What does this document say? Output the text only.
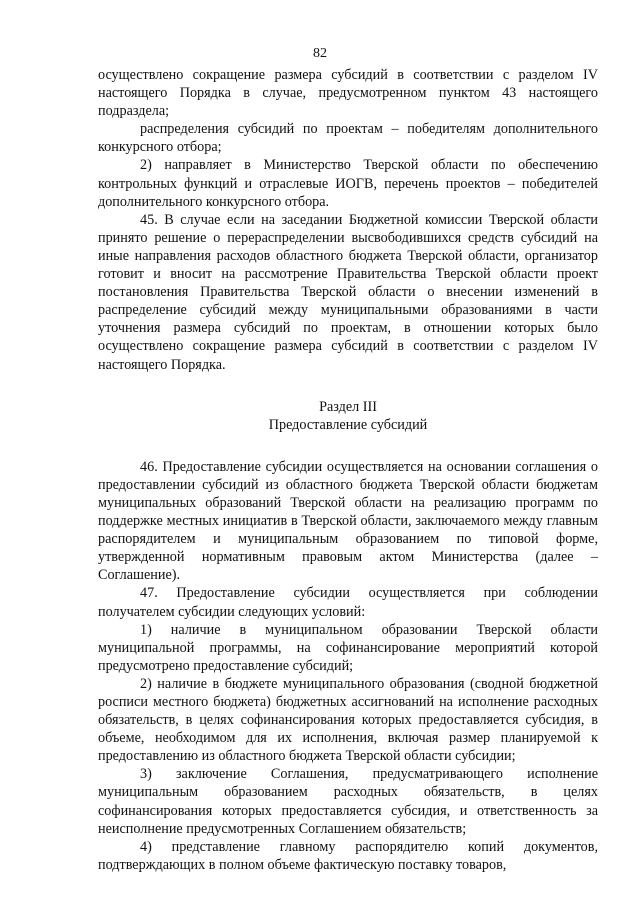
82

осуществлено сокращение размера субсидий в соответствии с разделом IV настоящего Порядка в случае, предусмотренном пунктом 43 настоящего подраздела;

распределения субсидий по проектам – победителям дополнительного конкурсного отбора;

2) направляет в Министерство Тверской области по обеспечению контрольных функций и отраслевые ИОГВ, перечень проектов – победителей дополнительного конкурсного отбора.

45. В случае если на заседании Бюджетной комиссии Тверской области принято решение о перераспределении высвободившихся средств субсидий на иные направления расходов областного бюджета Тверской области, организатор готовит и вносит на рассмотрение Правительства Тверской области проект постановления Правительства Тверской области о внесении изменений в распределение субсидий между муниципальными образованиями в части уточнения размера субсидий по проектам, в отношении которых было осуществлено сокращение размера субсидий в соответствии с разделом IV настоящего Порядка.

Раздел III
Предоставление субсидий

46. Предоставление субсидии осуществляется на основании соглашения о предоставлении субсидий из областного бюджета Тверской области бюджетам муниципальных образований Тверской области на реализацию программ по поддержке местных инициатив в Тверской области, заключаемого между главным распорядителем и муниципальным образованием по типовой форме, утвержденной нормативным правовым актом Министерства (далее – Соглашение).

47. Предоставление субсидии осуществляется при соблюдении получателем субсидии следующих условий:

1) наличие в муниципальном образовании Тверской области муниципальной программы, на софинансирование мероприятий которой предусмотрено предоставление субсидий;

2) наличие в бюджете муниципального образования (сводной бюджетной росписи местного бюджета) бюджетных ассигнований на исполнение расходных обязательств, в целях софинансирования которых предоставляется субсидия, в объеме, необходимом для их исполнения, включая размер планируемой к предоставлению из областного бюджета Тверской области субсидии;

3) заключение Соглашения, предусматривающего исполнение муниципальным образованием расходных обязательств, в целях софинансирования которых предоставляется субсидия, и ответственность за неисполнение предусмотренных Соглашением обязательств;

4) представление главному распорядителю копий документов, подтверждающих в полном объеме фактическую поставку товаров,
